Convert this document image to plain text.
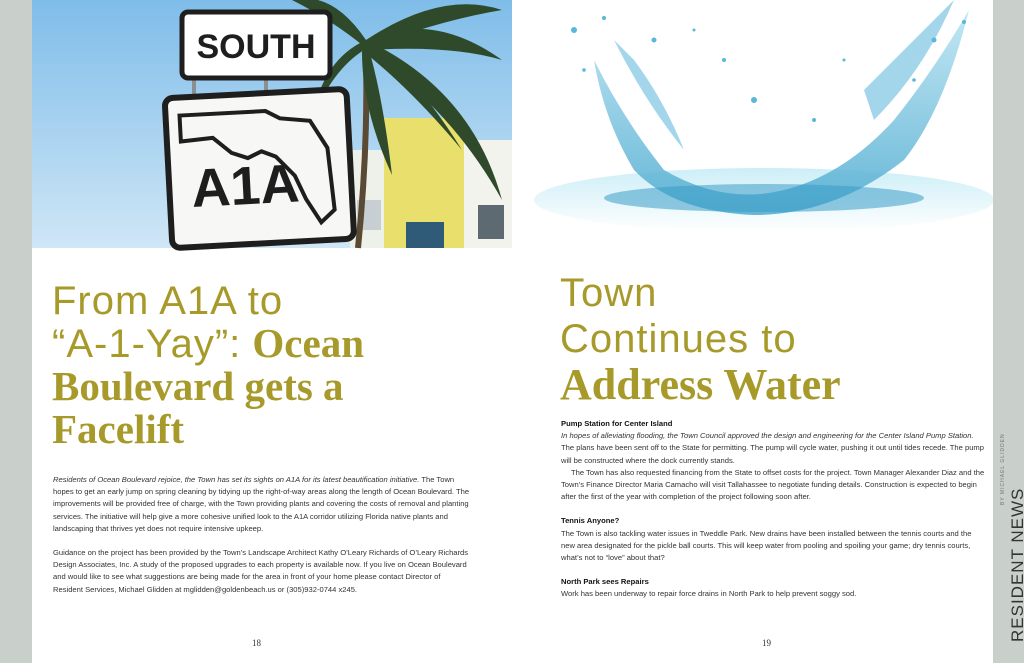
SOUTH
A1A
From A1A to
“A-1-Yay”: Ocean
Boulevard gets a
Facelift

Residents of Ocean Boulevard rejoice, the Town has set its sights on A1A for its latest beautification initiative. The Town hopes to get an early jump on spring cleaning by tidying up the right-of-way areas along the length of Ocean Boulevard. The improvements will be provided free of charge, with the Town providing plants and covering the costs of removal and planting services. The initiative will help give a more cohesive unified look to the A1A corridor utilizing Florida native plants and landscaping that thrives yet does not require intensive upkeep.

Guidance on the project has been provided by the Town’s Landscape Architect Kathy O’Leary Richards of O’Leary Richards Design Associates, Inc. A study of the proposed upgrades to each property is available now. If you live on Ocean Boulevard and would like to see what suggestions are being made for the area in front of your home please contact Director of Resident Services, Michael Glidden at mglidden@goldenbeach.us or (305)932-0744 x245.

18
Town
Continues to
Address Water

Pump Station for Center Island

In hopes of alleviating flooding, the Town Council approved the design and engineering for the Center Island Pump Station. The plans have been sent off to the State for permitting. The pump will cycle water, pushing it out until tides recede. The pump will be constructed where the dock currently stands.

The Town has also requested financing from the State to offset costs for the project. Town Manager Alexander Diaz and the Town’s Finance Director Maria Camacho will visit Tallahassee to negotiate funding details. Construction is expected to begin after the first of the year with completion of the project following soon after.

Tennis Anyone?

The Town is also tackling water issues in Tweddle Park. New drains have been installed between the tennis courts and the new area designated for the pickle ball courts. This will keep water from pooling and spoiling your game; dry tennis courts, what’s not to “love” about that?

North Park sees Repairs

Work has been underway to repair force drains in North Park to help prevent soggy sod.

19
RESIDENT NEWS
BY MICHAEL GLIDDEN
